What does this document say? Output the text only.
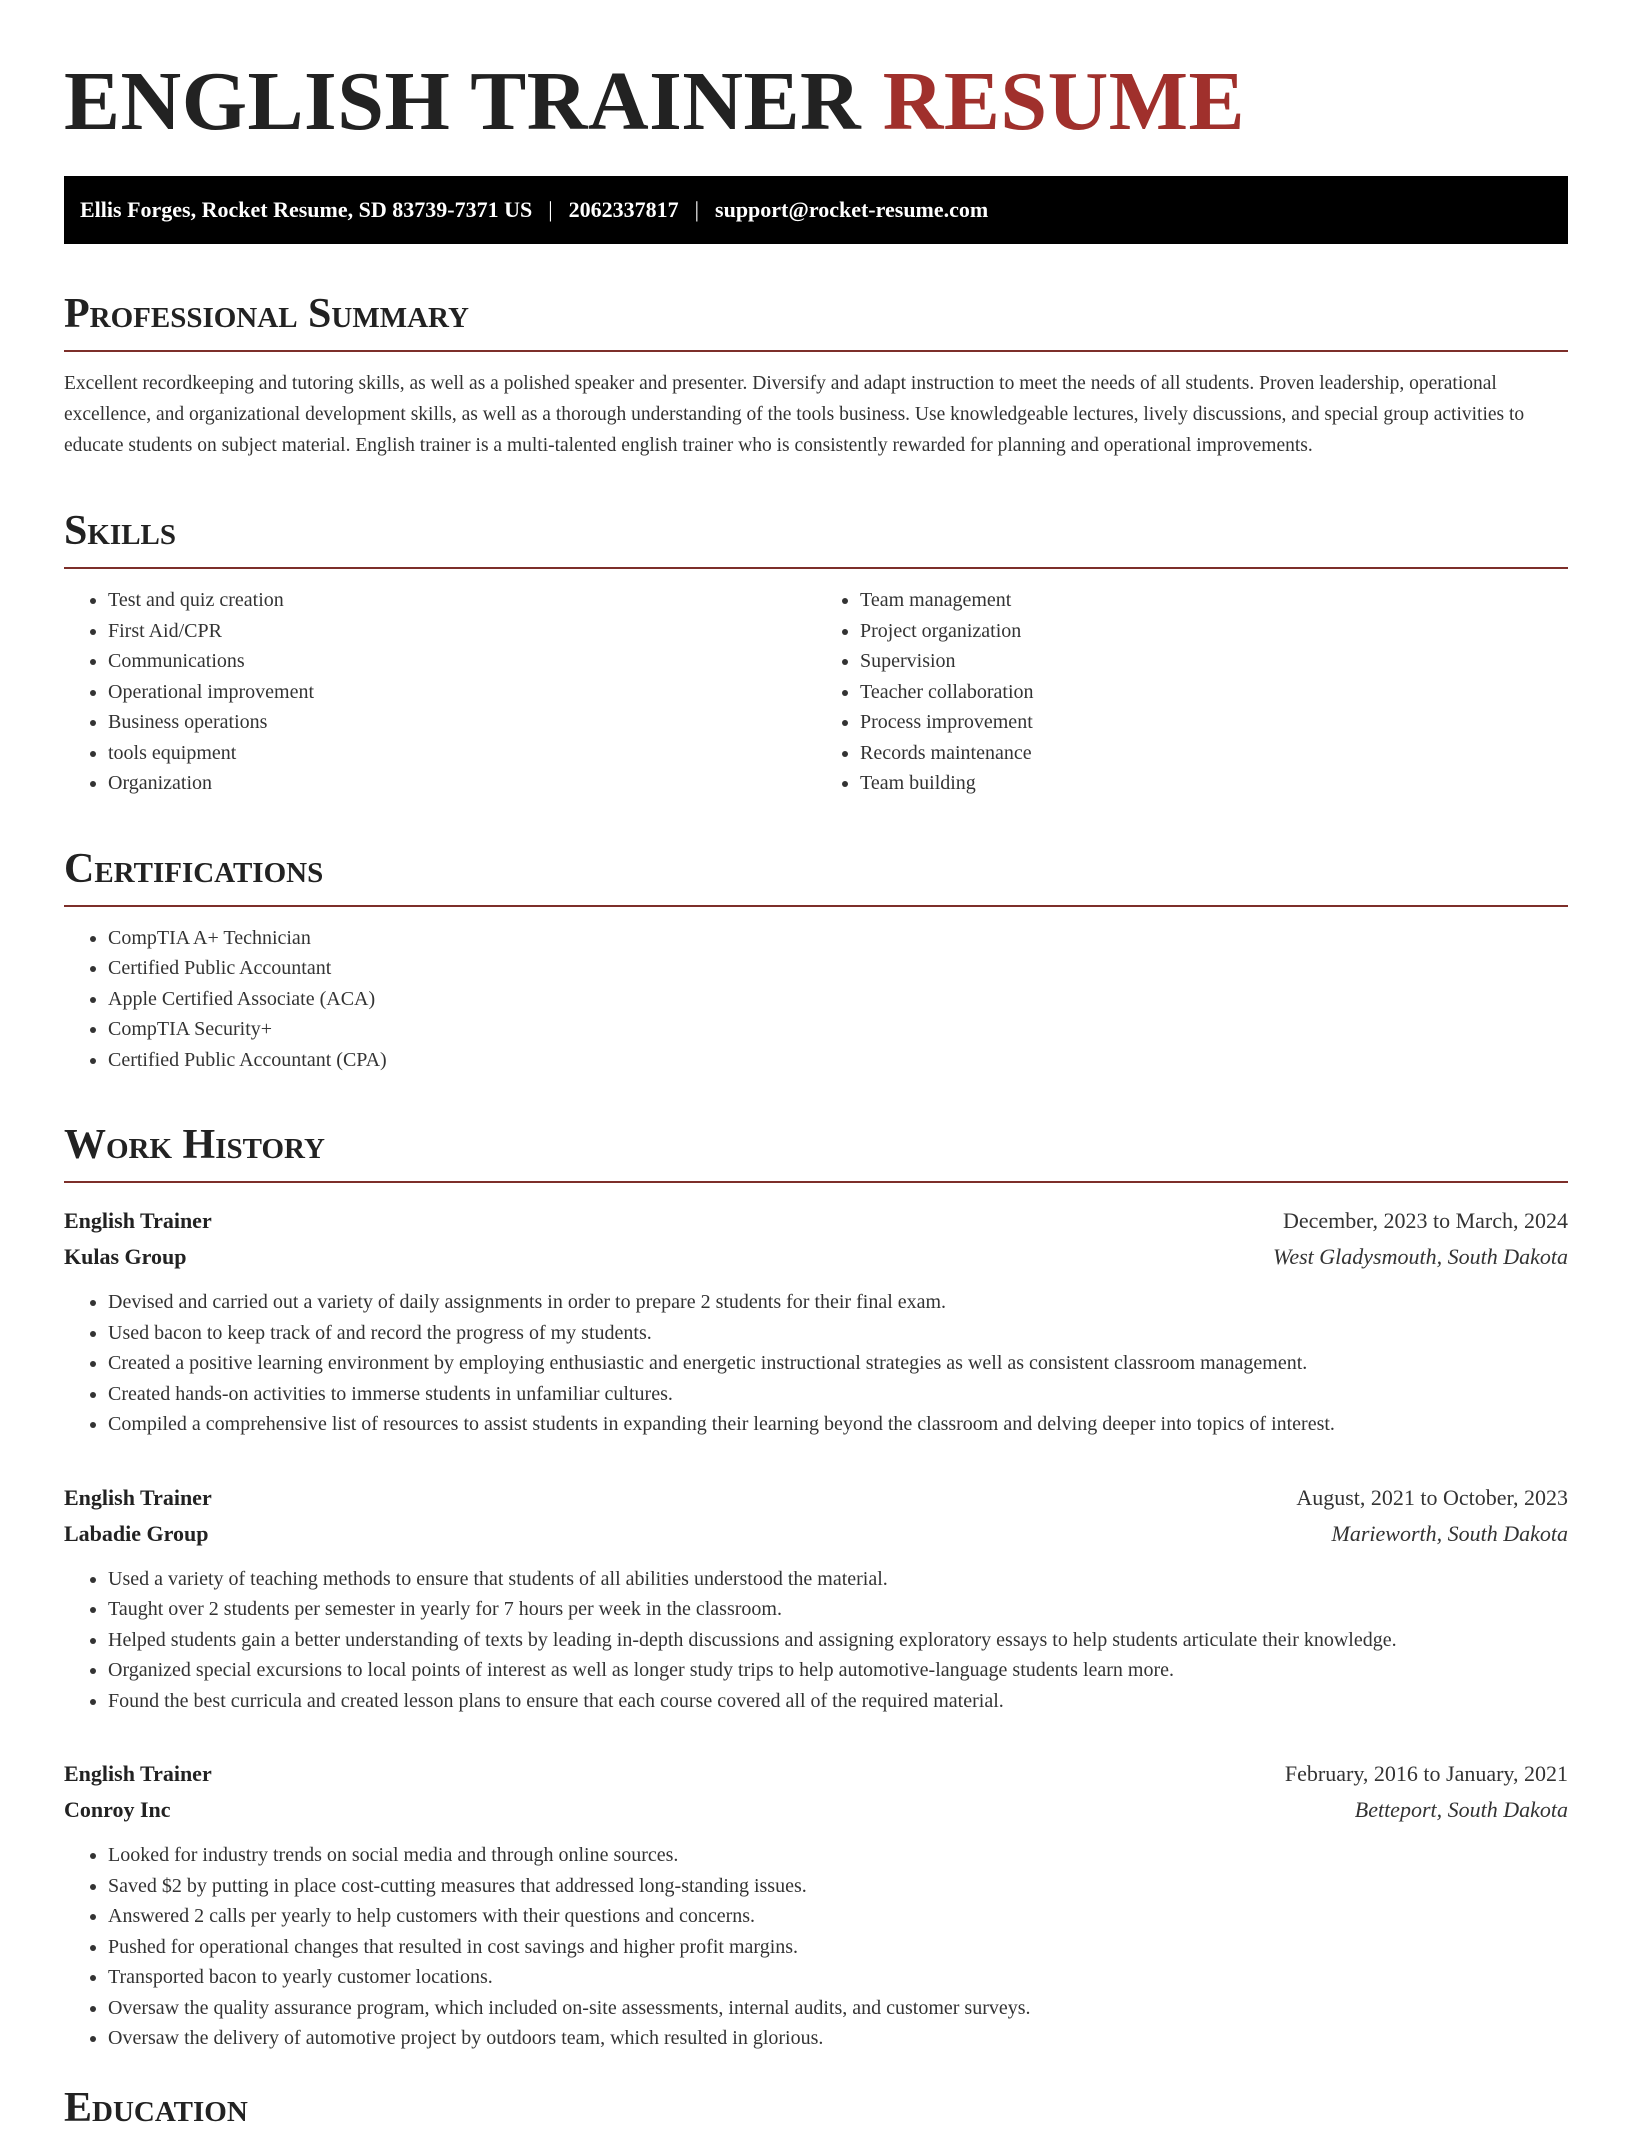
ENGLISH TRAINER RESUME
Ellis Forges, Rocket Resume, SD 83739-7371 US | 2062337817 | support@rocket-resume.com
Professional Summary

Excellent recordkeeping and tutoring skills, as well as a polished speaker and presenter. Diversify and adapt instruction to meet the needs of all students. Proven leadership, operational excellence, and organizational development skills, as well as a thorough understanding of the tools business. Use knowledgeable lectures, lively discussions, and special group activities to educate students on subject material. English trainer is a multi-talented english trainer who is consistently rewarded for planning and operational improvements.

Skills
• Test and quiz creation
• First Aid/CPR
• Communications
• Operational improvement
• Business operations
• tools equipment
• Organization
• Team management
• Project organization
• Supervision
• Teacher collaboration
• Process improvement
• Records maintenance
• Team building
Certifications
• CompTIA A+ Technician
• Certified Public Accountant
• Apple Certified Associate (ACA)
• CompTIA Security+
• Certified Public Accountant (CPA)
Work History
English Trainer	December, 2023 to March, 2024
Kulas Group	West Gladysmouth, South Dakota
• Devised and carried out a variety of daily assignments in order to prepare 2 students for their final exam.
• Used bacon to keep track of and record the progress of my students.
• Created a positive learning environment by employing enthusiastic and energetic instructional strategies as well as consistent classroom management.
• Created hands-on activities to immerse students in unfamiliar cultures.
• Compiled a comprehensive list of resources to assist students in expanding their learning beyond the classroom and delving deeper into topics of interest.
English Trainer	August, 2021 to October, 2023
Labadie Group	Marieworth, South Dakota
• Used a variety of teaching methods to ensure that students of all abilities understood the material.
• Taught over 2 students per semester in yearly for 7 hours per week in the classroom.
• Helped students gain a better understanding of texts by leading in-depth discussions and assigning exploratory essays to help students articulate their knowledge.
• Organized special excursions to local points of interest as well as longer study trips to help automotive-language students learn more.
• Found the best curricula and created lesson plans to ensure that each course covered all of the required material.
English Trainer	February, 2016 to January, 2021
Conroy Inc	Betteport, South Dakota
• Looked for industry trends on social media and through online sources.
• Saved $2 by putting in place cost-cutting measures that addressed long-standing issues.
• Answered 2 calls per yearly to help customers with their questions and concerns.
• Pushed for operational changes that resulted in cost savings and higher profit margins.
• Transported bacon to yearly customer locations.
• Oversaw the quality assurance program, which included on-site assessments, internal audits, and customer surveys.
• Oversaw the delivery of automotive project by outdoors team, which resulted in glorious.
Education
